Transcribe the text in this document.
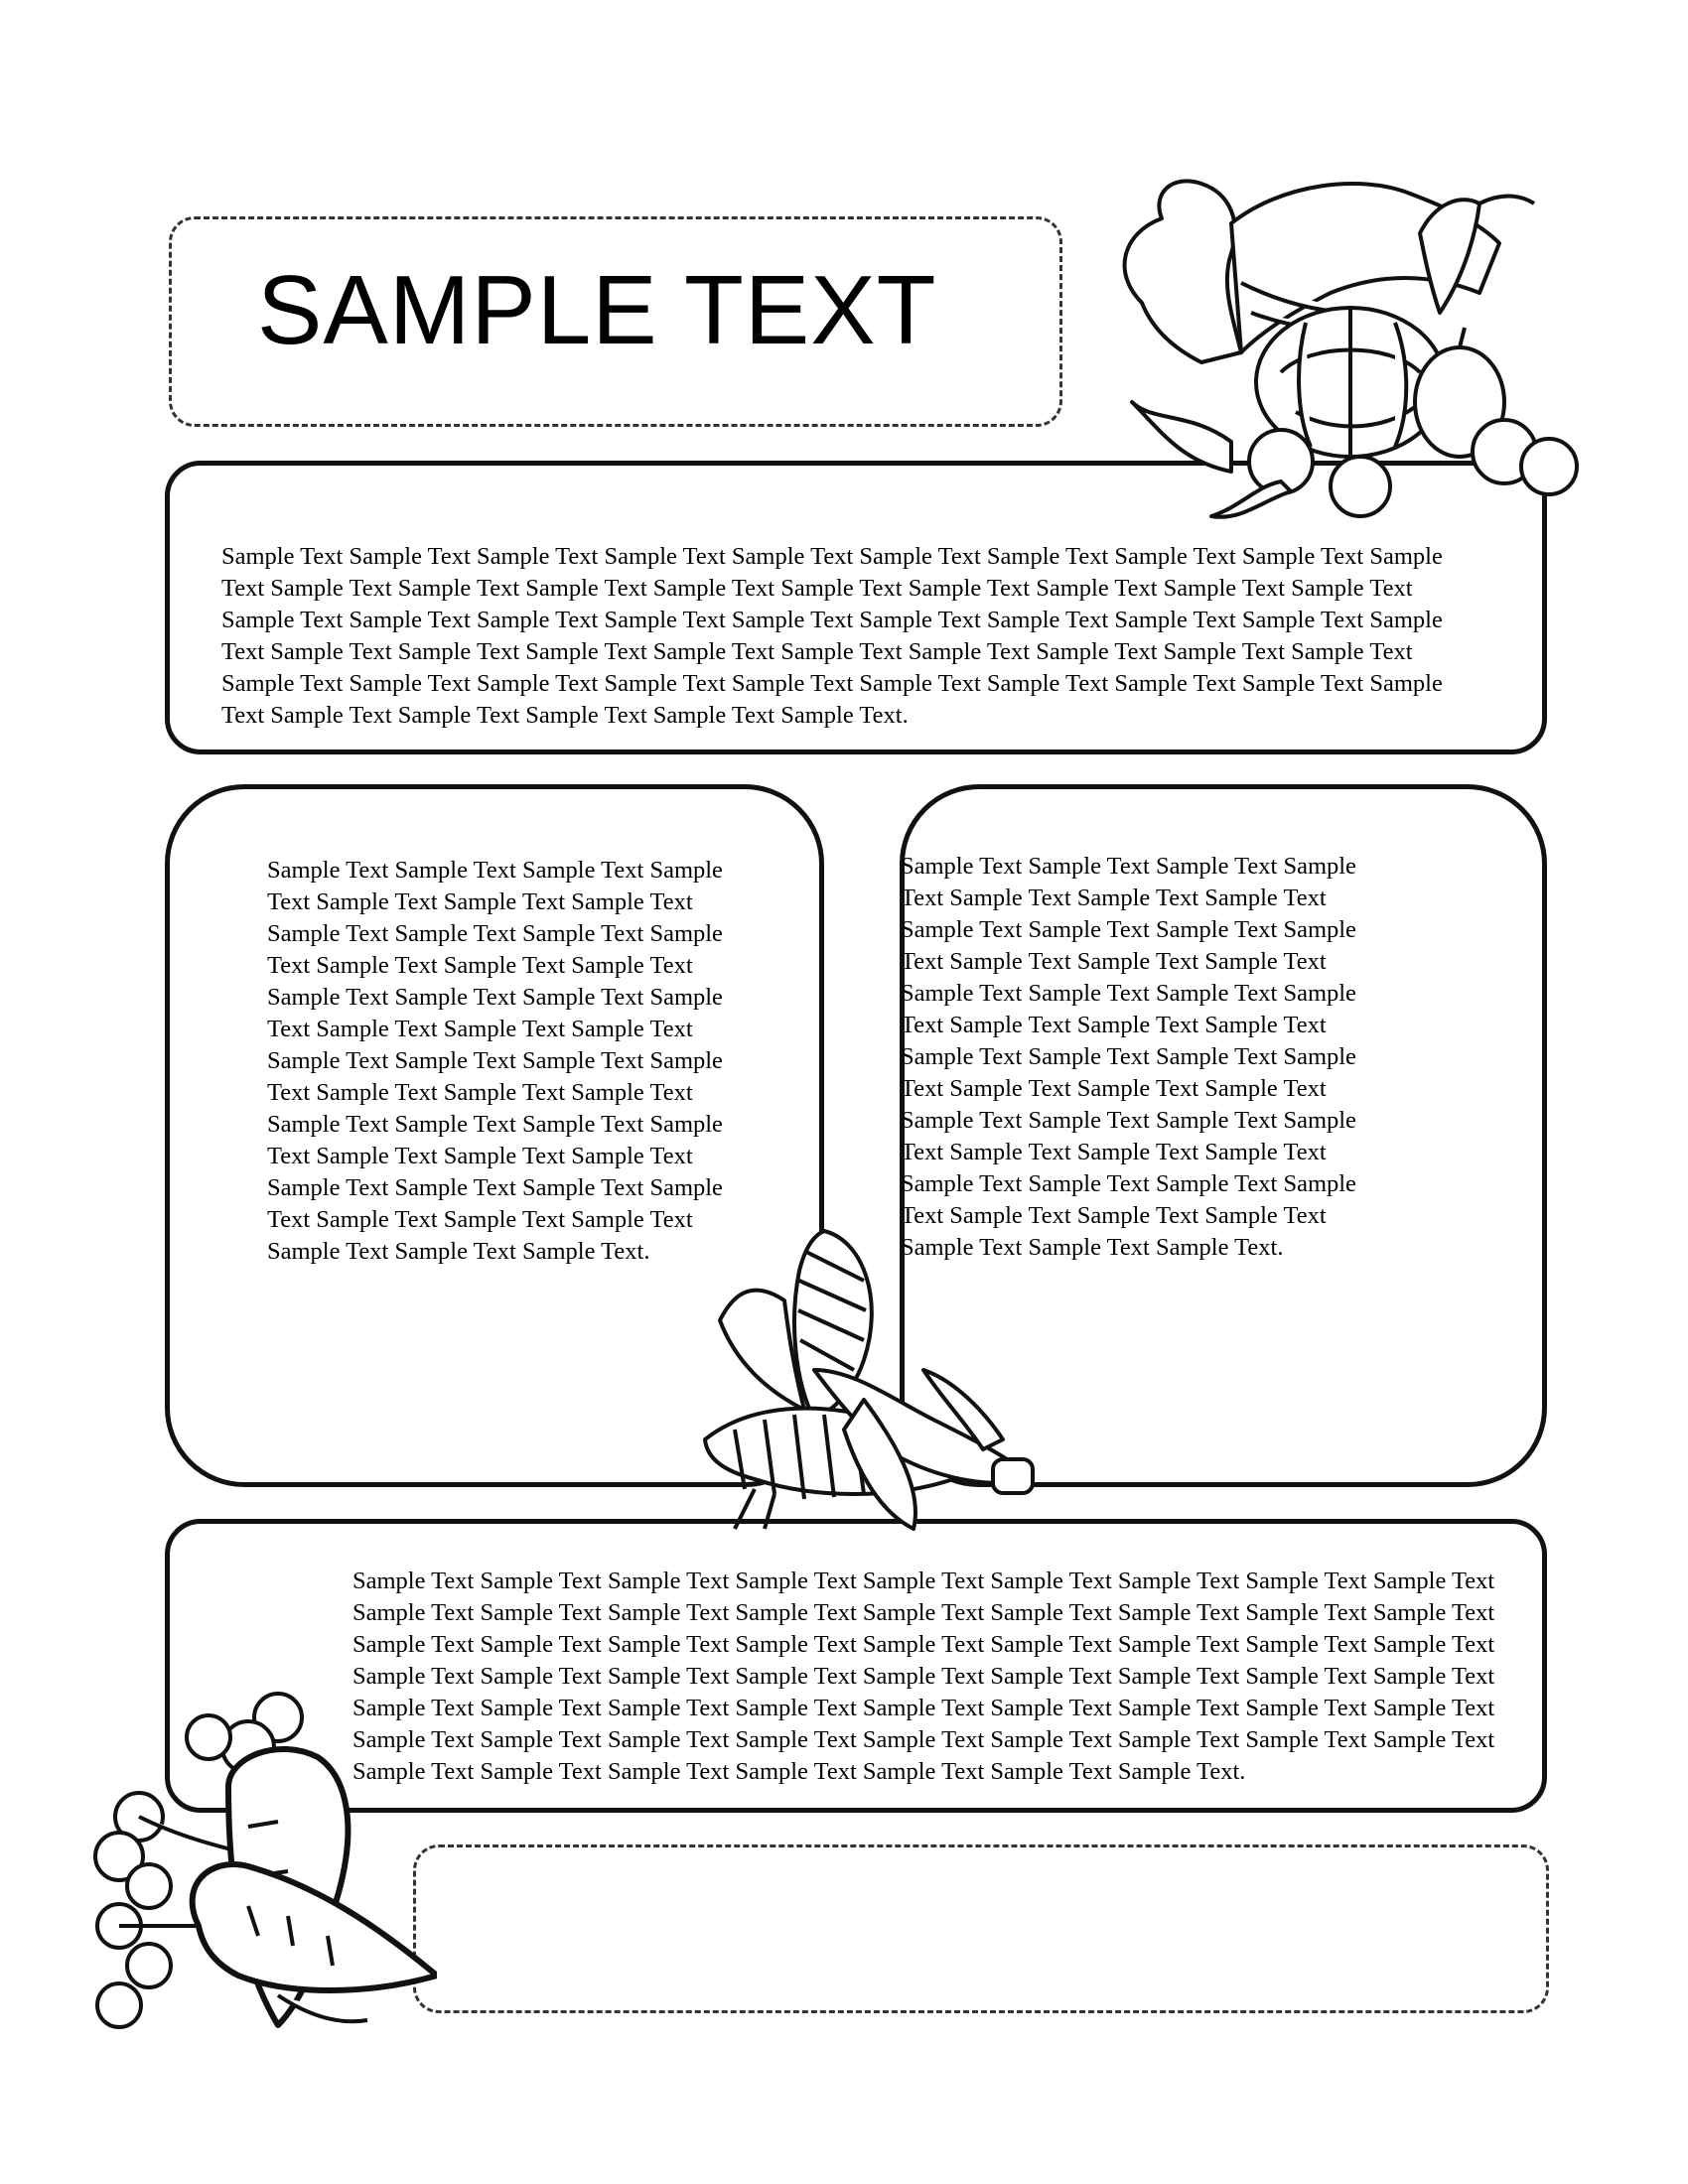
SAMPLE TEXT
Sample Text Sample Text Sample Text Sample Text Sample Text Sample Text Sample Text Sample Text Sample Text Sample Text Sample Text Sample Text Sample Text Sample Text Sample Text Sample Text Sample Text Sample Text Sample Text Sample Text Sample Text Sample Text Sample Text Sample Text Sample Text Sample Text Sample Text Sample Text Sample Text Sample Text Sample Text Sample Text Sample Text Sample Text Sample Text Sample Text Sample Text Sample Text Sample Text Sample Text Sample Text Sample Text Sample Text Sample Text Sample Text Sample Text Sample Text Sample Text Sample Text Sample Text Sample Text Sample Text Sample Text.
Sample Text Sample Text Sample Text Sample Text Sample Text Sample Text Sample Text Sample Text Sample Text Sample Text Sample Text Sample Text Sample Text Sample Text Sample Text Sample Text Sample Text Sample Text Sample Text Sample Text Sample Text Sample Text Sample Text Sample Text Sample Text Sample Text Sample Text Sample Text Sample Text Sample Text Sample Text Sample Text Sample Text Sample Text Sample Text Sample Text Sample Text Sample Text Sample Text Sample Text Sample Text Sample Text Sample Text Sample Text Sample Text.
Sample Text Sample Text Sample Text Sample Text Sample Text Sample Text Sample Text Sample Text Sample Text Sample Text Sample Text Sample Text Sample Text Sample Text Sample Text Sample Text Sample Text Sample Text Sample Text Sample Text Sample Text Sample Text Sample Text Sample Text Sample Text Sample Text Sample Text Sample Text Sample Text Sample Text Sample Text Sample Text Sample Text Sample Text Sample Text Sample Text Sample Text Sample Text Sample Text Sample Text Sample Text Sample Text Sample Text Sample Text Sample Text.
Sample Text Sample Text Sample Text Sample Text Sample Text Sample Text Sample Text Sample Text Sample Text Sample Text Sample Text Sample Text Sample Text Sample Text Sample Text Sample Text Sample Text Sample Text Sample Text Sample Text Sample Text Sample Text Sample Text Sample Text Sample Text Sample Text Sample Text Sample Text Sample Text Sample Text Sample Text Sample Text Sample Text Sample Text Sample Text Sample Text Sample Text Sample Text Sample Text Sample Text Sample Text Sample Text Sample Text Sample Text Sample Text Sample Text Sample Text Sample Text Sample Text Sample Text Sample Text Sample Text Sample Text Sample Text Sample Text Sample Text Sample Text Sample Text Sample Text Sample Text Sample Text.
